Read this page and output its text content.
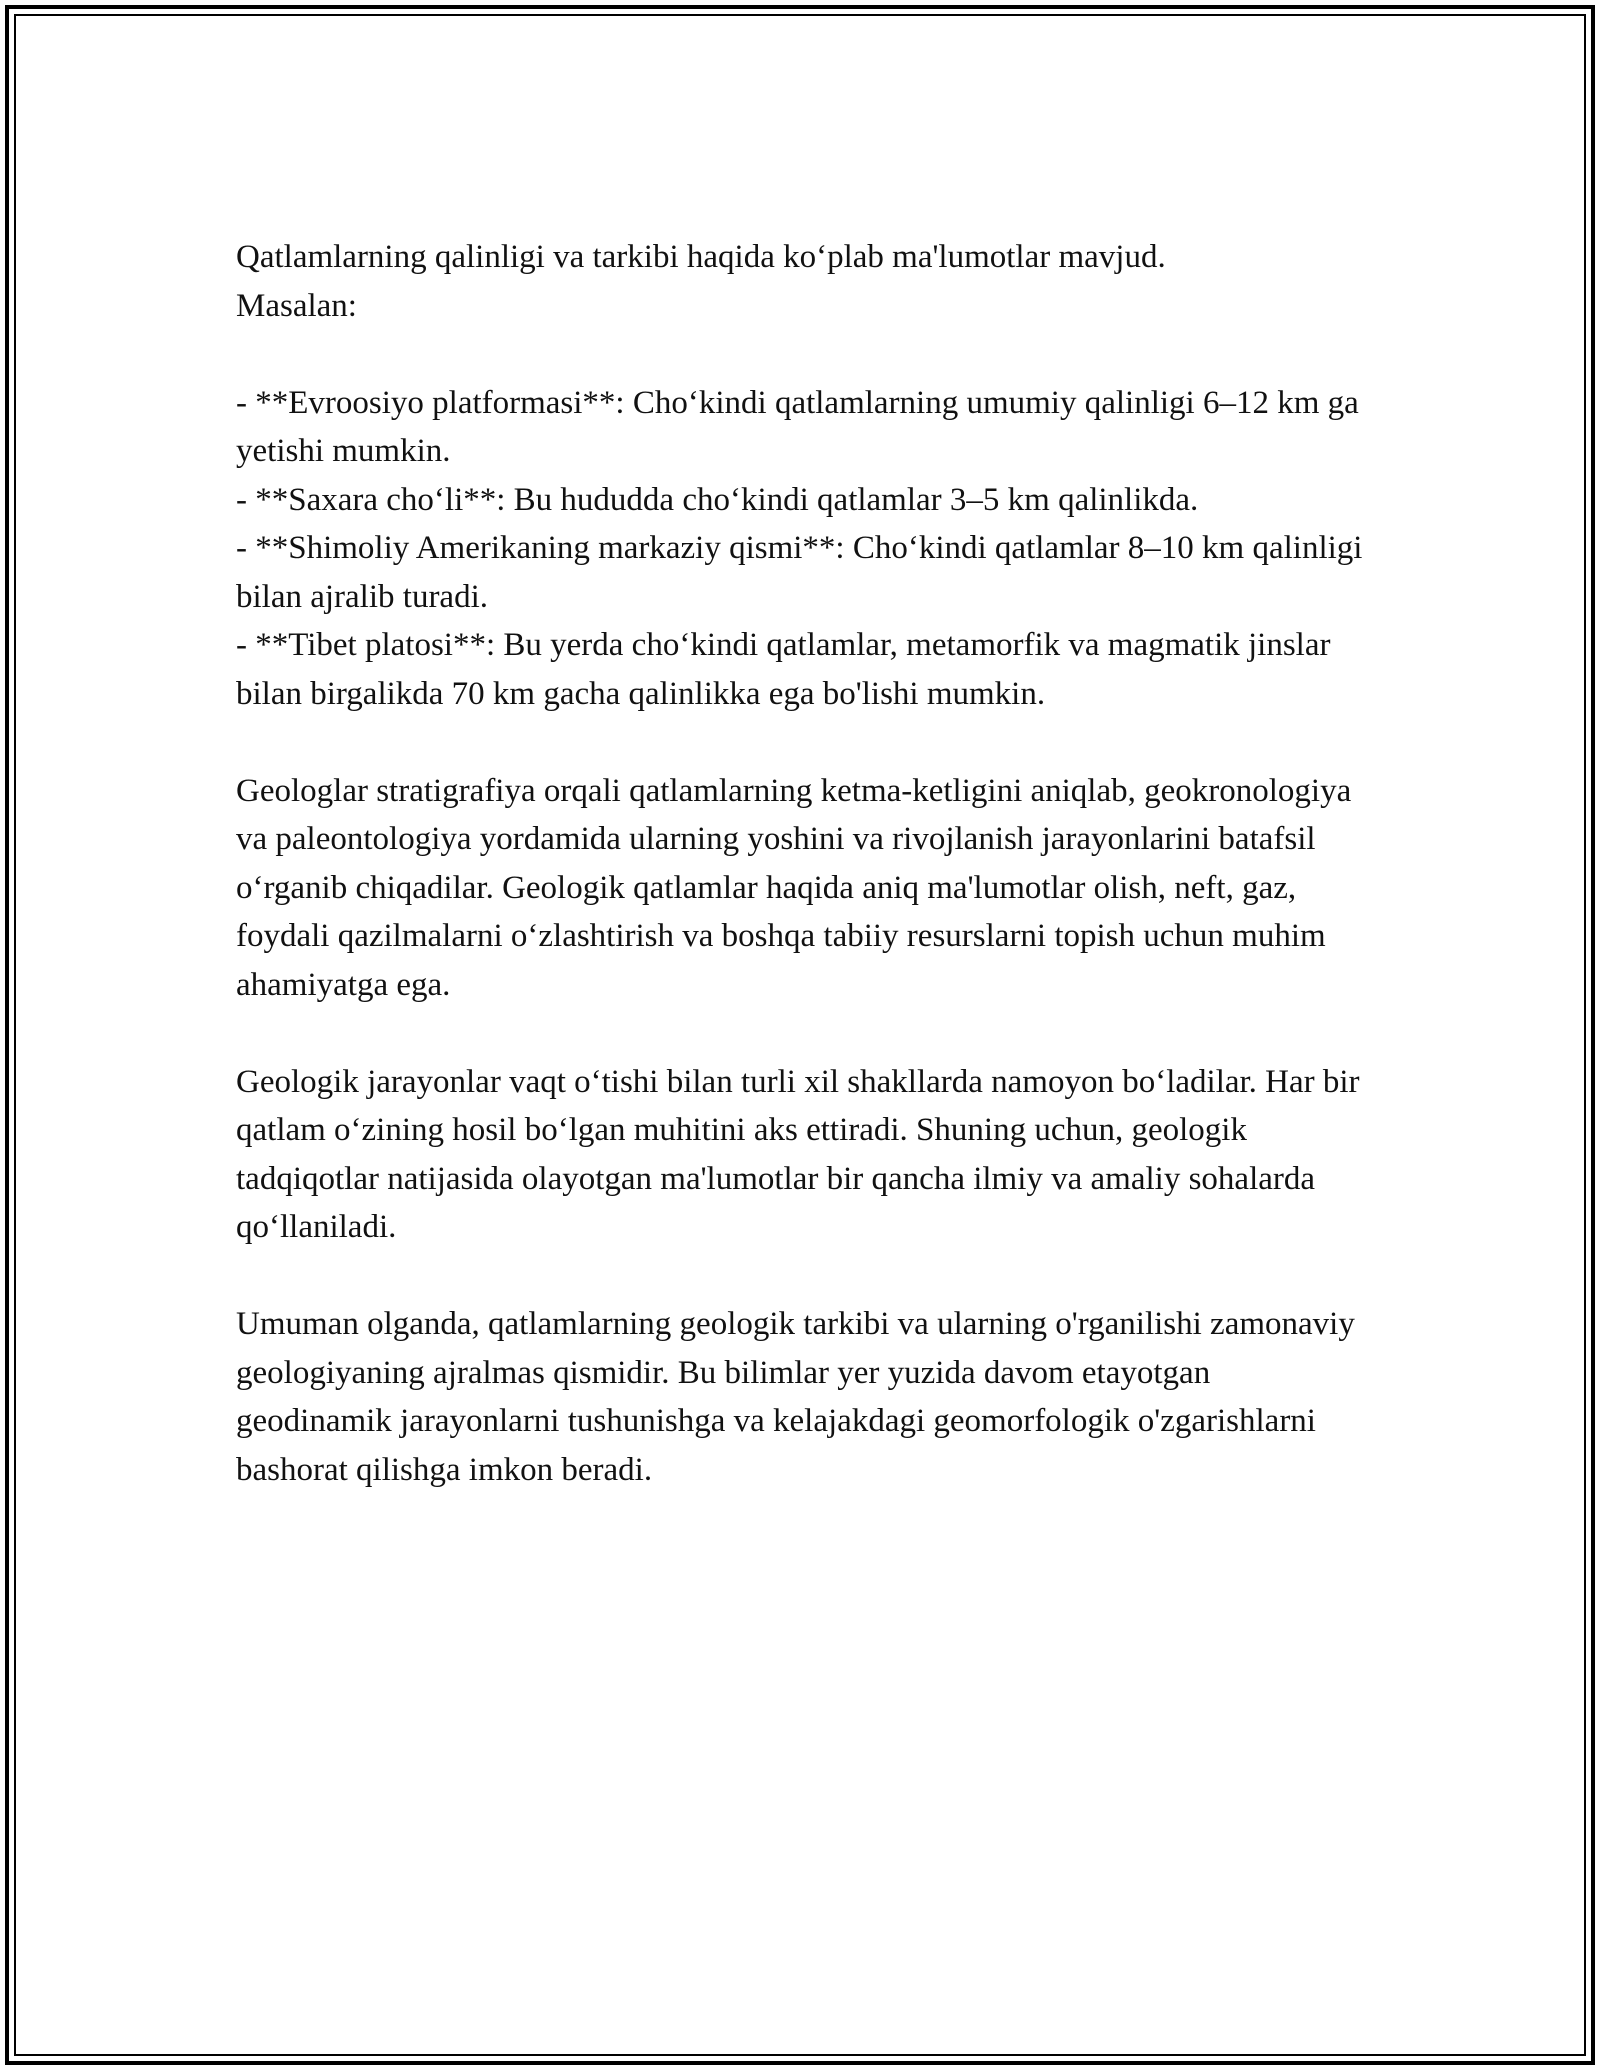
Qatlamlarning qalinligi va tarkibi haqida ko‘plab ma'lumotlar mavjud.
Masalan:

- **Evroosiyo platformasi**: Cho‘kindi qatlamlarning umumiy qalinligi 6–12 km ga yetishi mumkin.
- **Saxara cho‘li**: Bu hududda cho‘kindi qatlamlar 3–5 km qalinlikda.
- **Shimoliy Amerikaning markaziy qismi**: Cho‘kindi qatlamlar 8–10 km qalinligi bilan ajralib turadi.
- **Tibet platosi**: Bu yerda cho‘kindi qatlamlar, metamorfik va magmatik jinslar bilan birgalikda 70 km gacha qalinlikka ega bo'lishi mumkin.

Geologlar stratigrafiya orqali qatlamlarning ketma-ketligini aniqlab, geokronologiya va paleontologiya yordamida ularning yoshini va rivojlanish jarayonlarini batafsil o‘rganib chiqadilar. Geologik qatlamlar haqida aniq ma'lumotlar olish, neft, gaz, foydali qazilmalarni o‘zlashtirish va boshqa tabiiy resurslarni topish uchun muhim ahamiyatga ega.

Geologik jarayonlar vaqt o‘tishi bilan turli xil shakllarda namoyon bo‘ladilar. Har bir qatlam o‘zining hosil bo‘lgan muhitini aks ettiradi. Shuning uchun, geologik tadqiqotlar natijasida olayotgan ma'lumotlar bir qancha ilmiy va amaliy sohalarda qo‘llaniladi.

Umuman olganda, qatlamlarning geologik tarkibi va ularning o'rganilishi zamonaviy geologiyaning ajralmas qismidir. Bu bilimlar yer yuzida davom etayotgan geodinamik jarayonlarni tushunishga va kelajakdagi geomorfologik o'zgarishlarni bashorat qilishga imkon beradi.
